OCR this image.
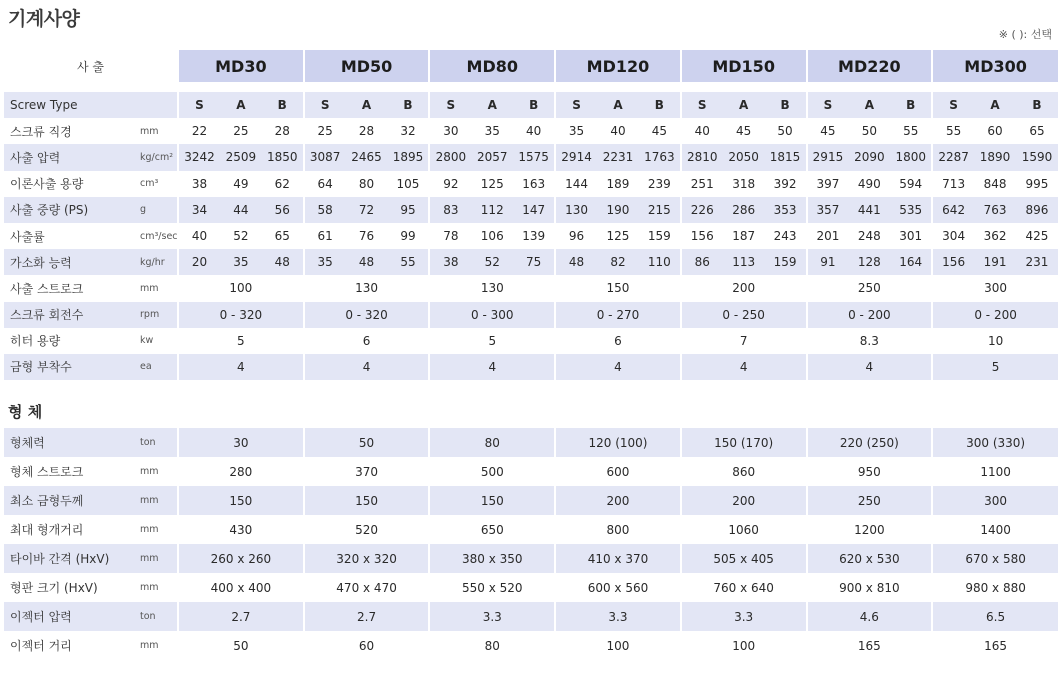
기계사양
※ ( ): 선택
사 출		MD30			MD50			MD80			MD120			MD150			MD220			MD300		

Screw Type		S	A	B	S	A	B	S	A	B	S	A	B	S	A	B	S	A	B	S	A	B
스크류 직경	mm	22	25	28	25	28	32	30	35	40	35	40	45	40	45	50	45	50	55	55	60	65
사출 압력	kg/cm²	3242	2509	1850	3087	2465	1895	2800	2057	1575	2914	2231	1763	2810	2050	1815	2915	2090	1800	2287	1890	1590
이론사출 용량	cm³	38	49	62	64	80	105	92	125	163	144	189	239	251	318	392	397	490	594	713	848	995
사출 중량 (PS)	g	34	44	56	58	72	95	83	112	147	130	190	215	226	286	353	357	441	535	642	763	896
사출률	cm³/sec	40	52	65	61	76	99	78	106	139	96	125	159	156	187	243	201	248	301	304	362	425
가소화 능력	kg/hr	20	35	48	35	48	55	38	52	75	48	82	110	86	113	159	91	128	164	156	191	231
사출 스트로크	mm	100			130			130			150			200			250			300		
스크류 회전수	rpm	0 - 320			0 - 320			0 - 300			0 - 270			0 - 250			0 - 200			0 - 200		
히터 용량	kw	5			6			5			6			7			8.3			10		
금형 부착수	ea	4			4			4			4			4			4			5		
형 체																						
형체력	ton	30			50			80			120 (100)			150 (170)			220 (250)			300 (330)		
형체 스트로크	mm	280			370			500			600			860			950			1100		
최소 금형두께	mm	150			150			150			200			200			250			300		
최대 형개거리	mm	430			520			650			800			1060			1200			1400		
타이바 간격 (HxV)	mm	260 x 260			320 x 320			380 x 350			410 x 370			505 x 405			620 x 530			670 x 580		
형판 크기 (HxV)	mm	400 x 400			470 x 470			550 x 520			600 x 560			760 x 640			900 x 810			980 x 880		
이젝터 압력	ton	2.7			2.7			3.3			3.3			3.3			4.6			6.5		
이젝터 거리	mm	50			60			80			100			100			165			165		
